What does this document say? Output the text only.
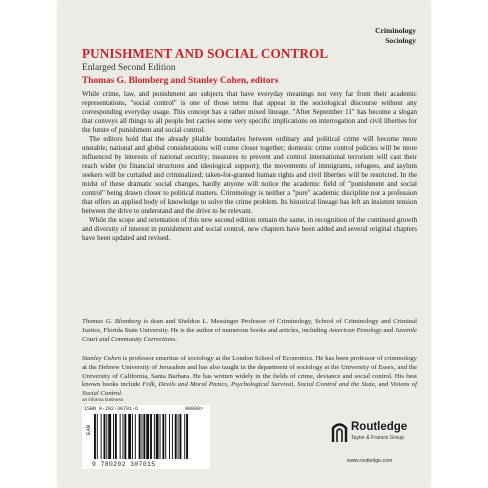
Criminology
Sociology
PUNISHMENT AND SOCIAL CONTROL
Enlarged Second Edition
Thomas G. Blomberg and Stanley Cohen, editors

While crime, law, and punishment are subjects that have everyday meanings not very far from their academic representations, "social control" is one of those terms that appear in the sociological discourse without any corresponding everyday usage. This concept has a rather mixed lineage. "After September 11" has become a slogan that conveys all things to all people but carries some very specific implications on interrogation and civil liberties for the future of punishment and social control.

The editors hold that the already pliable boundaries between ordinary and political crime will become more unstable; national and global considerations will come closer together; domestic crime control policies will be more influenced by interests of national security; measures to prevent and control international terrorism will cast their reach wider (to financial structures and ideological support); the movements of immigrants, refugees, and asylum seekers will be curtailed and criminalized; taken-for-granted human rights and civil liberties will be restricted. In the midst of these dramatic social changes, hardly anyone will notice the academic field of "punishment and social control" being drawn closer to political matters. Criminology is neither a "pure" academic discipline nor a profession that offers an applied body of knowledge to solve the crime problem. Its historical lineage has left an insistent tension between the drive to understand and the drive to be relevant.

While the scope and orientation of this new second edition remain the same, in recognition of the continued growth and diversity of interest in punishment and social control, new chapters have been added and several original chapters have been updated and revised.

Thomas G. Blomberg is dean and Sheldon L. Messinger Professor of Criminology, School of Criminology and Criminal Justice, Florida State University. He is the author of numerous books and articles, including American Penology and Juvenile Court and Community Corrections.
Stanley Cohen is professor emeritus of sociology at the London School of Economics. He has been professor of criminology at the Hebrew University of Jerusalem and has also taught in the department of sociology at the University of Essex, and the University of California, Santa Barbara. He has written widely in the fields of crime, deviance and social control. His best known books include Folk, Devils and Moral Panics, Psychological Survival, Social Control and the State, and Visions of Social Control.
an informa business
ISBN 0-202-30701-6	90000>
EAN
9 780202 307015
Routledge
Taylor & Francis Group
www.routledge.com
